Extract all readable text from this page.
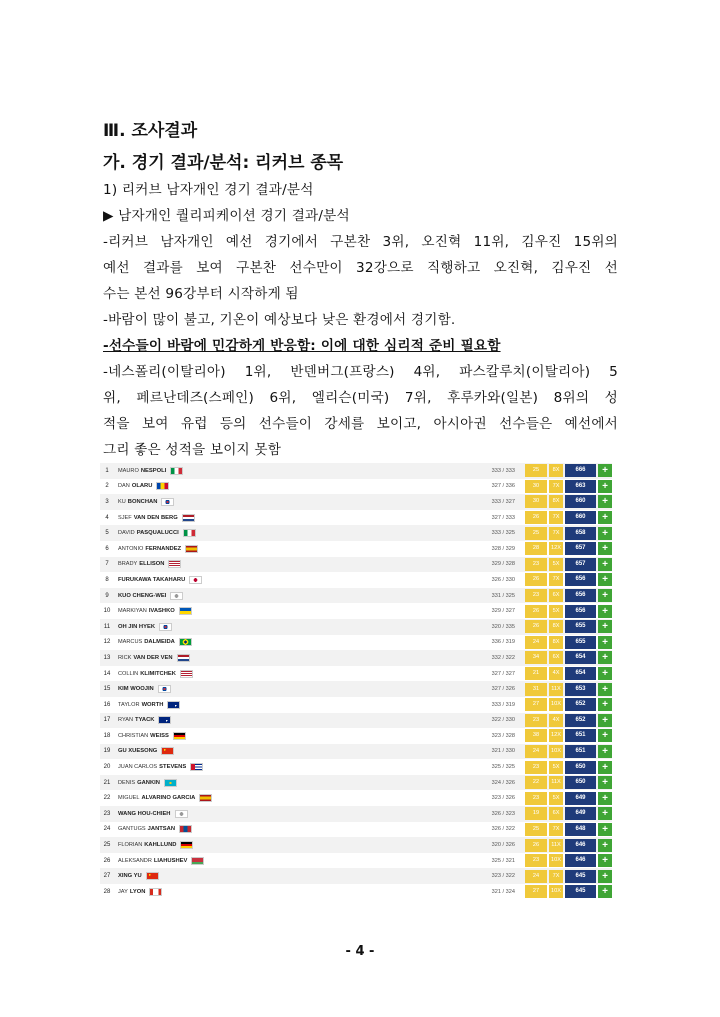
Ⅲ. 조사결과
가. 경기 결과/분석: 리커브 종목
1) 리커브 남자개인 경기 결과/분석
▶ 남자개인 퀄리피케이션 경기 결과/분석
-리커브 남자개인 예선 경기에서 구본찬 3위, 오진혁 11위, 김우진 15위의
예선 결과를 보여 구본찬 선수만이 32강으로 직행하고 오진혁, 김우진 선
수는 본선 96강부터 시작하게 됨
-바람이 많이 불고, 기온이 예상보다 낮은 환경에서 경기함.
-선수들이 바람에 민감하게 반응함: 이에 대한 심리적 준비 필요함
-네스폴리(이탈리아) 1위, 반덴버그(프랑스) 4위, 파스칼루치(이탈리아) 5
위, 페르난데즈(스페인) 6위, 엘리슨(미국) 7위, 후루카와(일본) 8위의 성
적을 보여 유럽 등의 선수들이 강세를 보이고, 아시아권 선수들은 예선에서
그리 좋은 성적을 보이지 못함
1	MAURO NESPOLI	333 / 333	25	8X	666	+
2	DAN OLARU	327 / 336	30	7X	663	+
3	KU BONCHAN	333 / 327	30	8X	660	+
4	SJEF VAN DEN BERG	327 / 333	26	7X	660	+
5	DAVID PASQUALUCCI	333 / 325	25	7X	658	+
6	ANTONIO FERNANDEZ	328 / 329	28	12X	657	+
7	BRADY ELLISON	329 / 328	23	5X	657	+
8	FURUKAWA TAKAHARU	326 / 330	26	7X	656	+
9	KUO CHENG-WEI	331 / 325	23	6X	656	+
10	MARKIYAN IVASHKO	329 / 327	26	5X	656	+
11	OH JIN HYEK	320 / 335	26	8X	655	+
12	MARCUS DALMEIDA	336 / 319	24	8X	655	+
13	RICK VAN DER VEN	332 / 322	34	6X	654	+
14	COLLIN KLIMITCHEK	327 / 327	21	4X	654	+
15	KIM WOOJIN	327 / 326	31	11X	653	+
16	TAYLOR WORTH	333 / 319	27	10X	652	+
17	RYAN TYACK	322 / 330	23	4X	652	+
18	CHRISTIAN WEISS	323 / 328	38	12X	651	+
19	GU XUESONG	321 / 330	24	10X	651	+
20	JUAN CARLOS STEVENS	325 / 325	23	5X	650	+
21	DENIS GANKIN	324 / 326	22	11X	650	+
22	MIGUEL ALVARINO GARCIA	323 / 326	23	5X	649	+
23	WANG HOU-CHIEH	326 / 323	19	6X	649	+
24	GANTUGS JANTSAN	326 / 322	25	7X	648	+
25	FLORIAN KAHLLUND	320 / 326	26	11X	646	+
26	ALEKSANDR LIAHUSHEV	325 / 321	23	10X	646	+
27	XING YU	323 / 322	24	7X	645	+
28	JAY LYON	321 / 324	27	10X	645	+
- 4 -
